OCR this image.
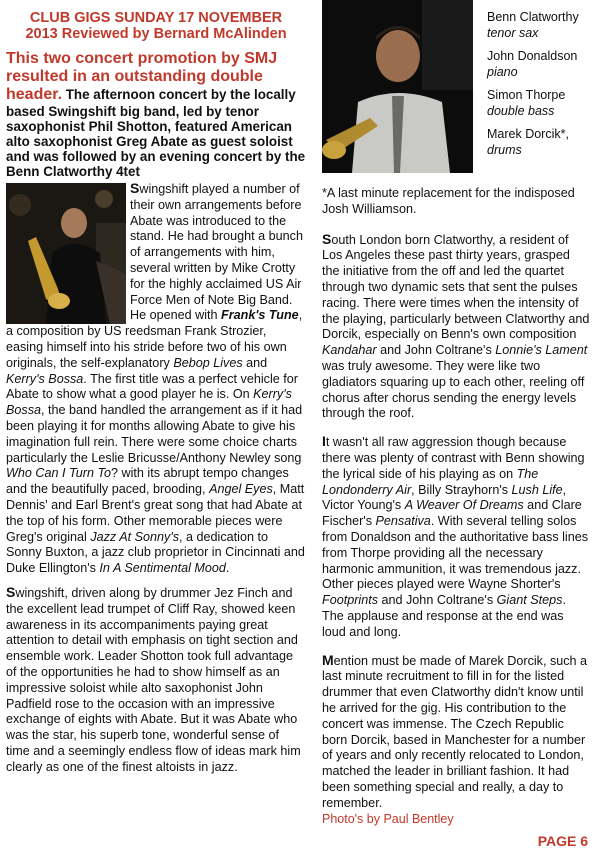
CLUB GIGS SUNDAY 17 NOVEMBER
2013 Reviewed by Bernard McAlinden

This two concert promotion by SMJ resulted in an outstanding double header. The afternoon concert by the locally based Swingshift big band, led by tenor saxophonist Phil Shotton, featured American alto saxophonist Greg Abate as guest soloist and was followed by an evening concert by the Benn Clatworthy 4tet

Swingshift played a number of their own arrangements before Abate was introduced to the stand. He had brought a bunch of arrangements with him, several written by Mike Crotty for the highly acclaimed US Air Force Men of Note Big Band. He opened with Frank's Tune, a composition by US reedsman Frank Strozier, easing himself into his stride before two of his own originals, the self-explanatory Bebop Lives and Kerry's Bossa. The first title was a perfect vehicle for Abate to show what a good player he is. On Kerry's Bossa, the band handled the arrangement as if it had been playing it for months allowing Abate to give his imagination full rein. There were some choice charts particularly the Leslie Bricusse/Anthony Newley song Who Can I Turn To? with its abrupt tempo changes and the beautifully paced, brooding, Angel Eyes, Matt Dennis' and Earl Brent's great song that had Abate at the top of his form. Other memorable pieces were Greg's original Jazz At Sonny's, a dedication to Sonny Buxton, a jazz club proprietor in Cincinnati and Duke Ellington's In A Sentimental Mood.

Swingshift, driven along by drummer Jez Finch and the excellent lead trumpet of Cliff Ray, showed keen awareness in its accompaniments paying great attention to detail with emphasis on tight section and ensemble work. Leader Shotton took full advantage of the opportunities he had to show himself as an impressive soloist while alto saxophonist John Padfield rose to the occasion with an impressive exchange of eights with Abate. But it was Abate who was the star, his superb tone, wonderful sense of time and a seemingly endless flow of ideas mark him clearly as one of the finest altoists in jazz.

Benn Clatworthy
tenor sax
John Donaldson
piano
Simon Thorpe
double bass
Marek Dorcik*,
drums

*A last minute replacement for the indisposed Josh Williamson.

South London born Clatworthy, a resident of Los Angeles these past thirty years, grasped the initiative from the off and led the quartet through two dynamic sets that sent the pulses racing. There were times when the intensity of the playing, particularly between Clatworthy and Dorcik, especially on Benn's own composition Kandahar and John Coltrane's Lonnie's Lament was truly awesome. They were like two gladiators squaring up to each other, reeling off chorus after chorus sending the energy levels through the roof.

It wasn't all raw aggression though because there was plenty of contrast with Benn showing the lyrical side of his playing as on The Londonderry Air, Billy Strayhorn's Lush Life, Victor Young's A Weaver Of Dreams and Clare Fischer's Pensativa. With several telling solos from Donaldson and the authoritative bass lines from Thorpe providing all the necessary harmonic ammunition, it was tremendous jazz. Other pieces played were Wayne Shorter's Footprints and John Coltrane's Giant Steps. The applause and response at the end was loud and long.

Mention must be made of Marek Dorcik, such a last minute recruitment to fill in for the listed drummer that even Clatworthy didn't know until he arrived for the gig. His contribution to the concert was immense. The Czech Republic born Dorcik, based in Manchester for a number of years and only recently relocated to London, matched the leader in brilliant fashion. It had been something special and really, a day to remember.

Photo's by Paul Bentley
PAGE 6
